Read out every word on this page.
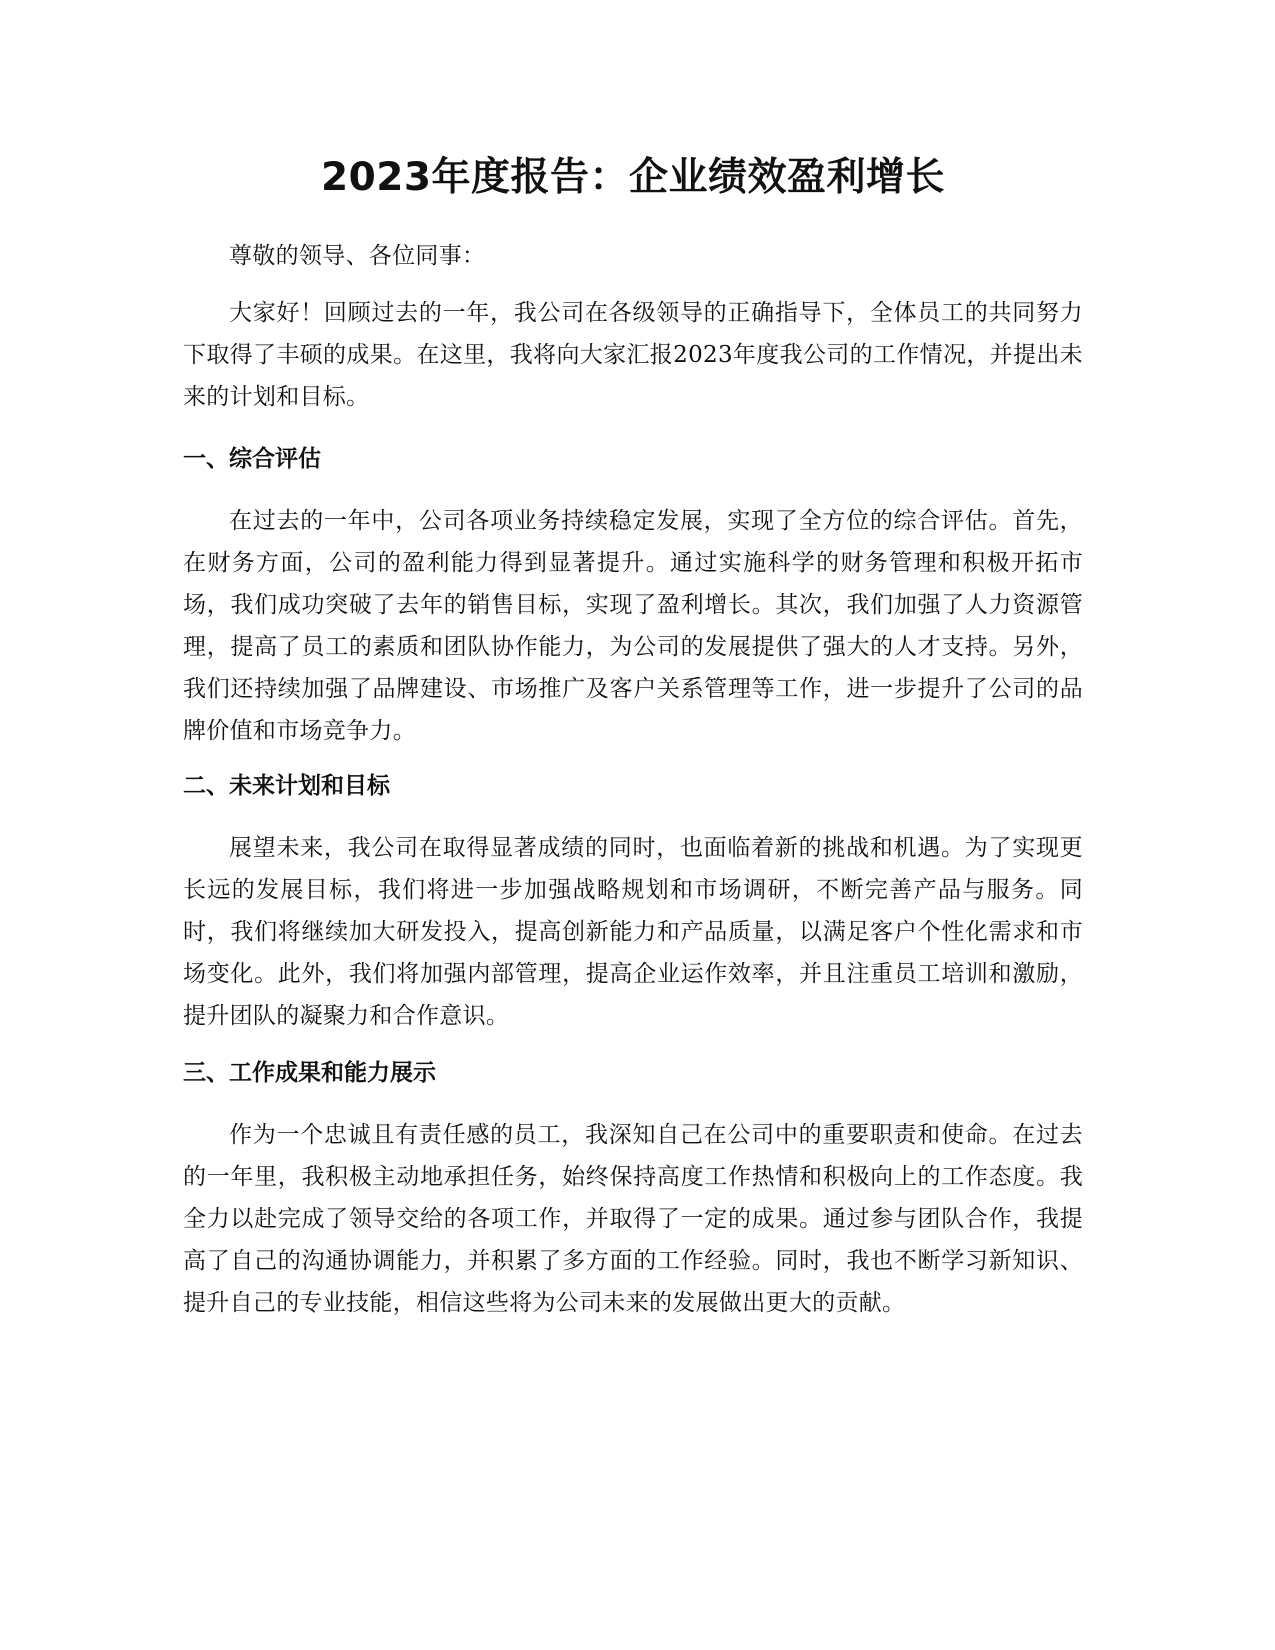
2023年度报告：企业绩效盈利增长

尊敬的领导、各位同事：

大家好！回顾过去的一年，我公司在各级领导的正确指导下，全体员工的共同努力下取得了丰硕的成果。在这里，我将向大家汇报2023年度我公司的工作情况，并提出未来的计划和目标。

一、综合评估

在过去的一年中，公司各项业务持续稳定发展，实现了全方位的综合评估。首先，在财务方面，公司的盈利能力得到显著提升。通过实施科学的财务管理和积极开拓市场，我们成功突破了去年的销售目标，实现了盈利增长。其次，我们加强了人力资源管理，提高了员工的素质和团队协作能力，为公司的发展提供了强大的人才支持。另外，我们还持续加强了品牌建设、市场推广及客户关系管理等工作，进一步提升了公司的品牌价值和市场竞争力。

二、未来计划和目标

展望未来，我公司在取得显著成绩的同时，也面临着新的挑战和机遇。为了实现更长远的发展目标，我们将进一步加强战略规划和市场调研，不断完善产品与服务。同时，我们将继续加大研发投入，提高创新能力和产品质量，以满足客户个性化需求和市场变化。此外，我们将加强内部管理，提高企业运作效率，并且注重员工培训和激励，提升团队的凝聚力和合作意识。

三、工作成果和能力展示

作为一个忠诚且有责任感的员工，我深知自己在公司中的重要职责和使命。在过去的一年里，我积极主动地承担任务，始终保持高度工作热情和积极向上的工作态度。我全力以赴完成了领导交给的各项工作，并取得了一定的成果。通过参与团队合作，我提高了自己的沟通协调能力，并积累了多方面的工作经验。同时，我也不断学习新知识、提升自己的专业技能，相信这些将为公司未来的发展做出更大的贡献。
